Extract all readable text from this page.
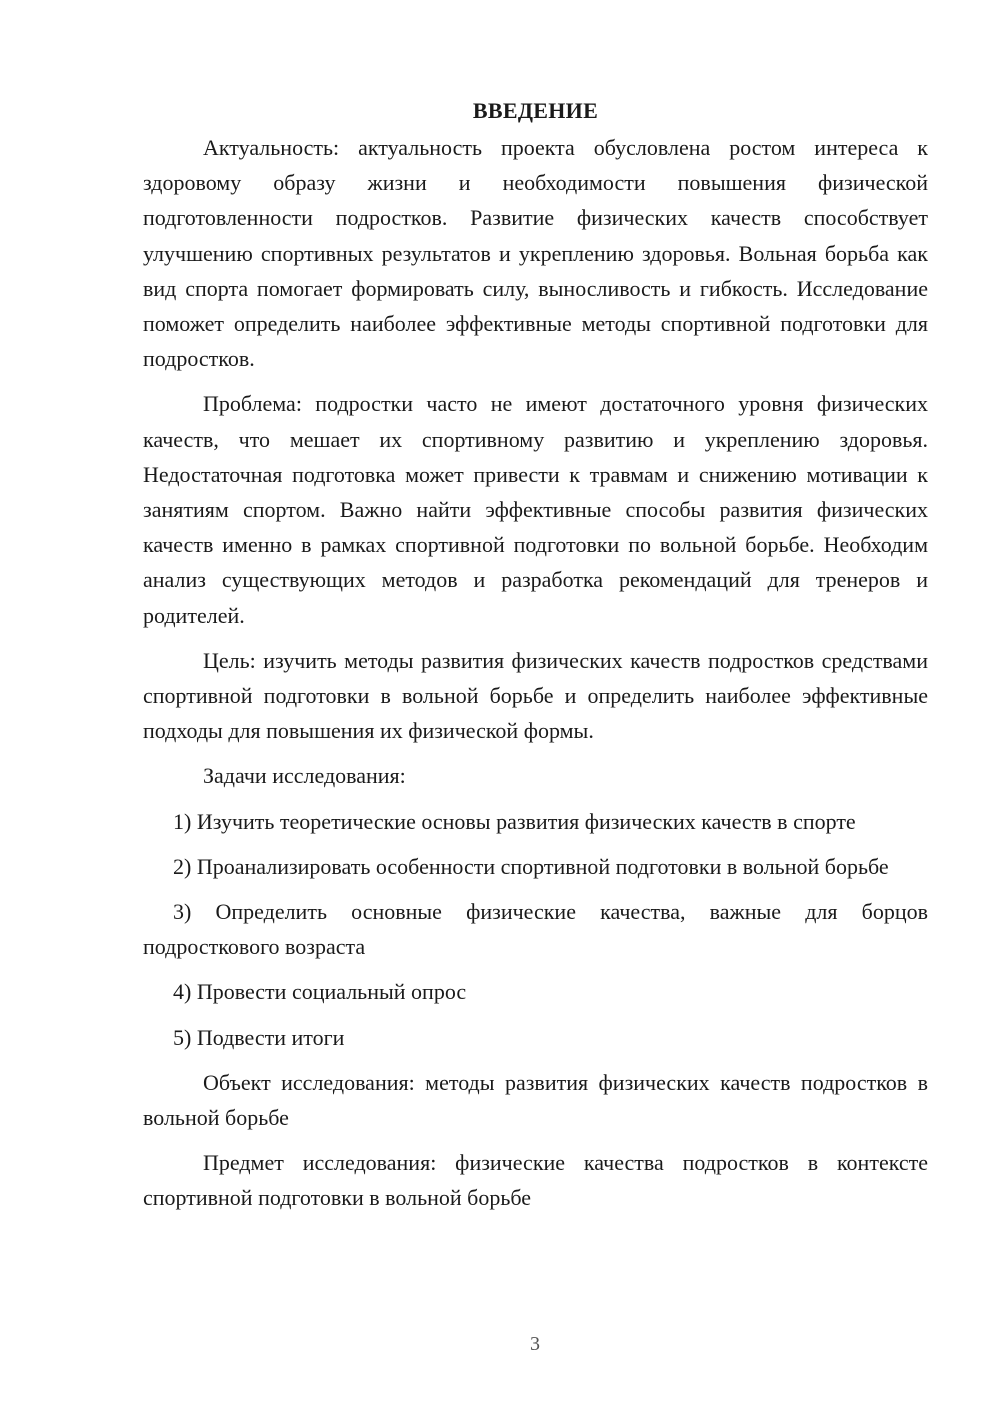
ВВЕДЕНИЕ

Актуальность: актуальность проекта обусловлена ростом интереса к здоровому образу жизни и необходимости повышения физической подготовленности подростков. Развитие физических качеств способствует улучшению спортивных результатов и укреплению здоровья. Вольная борьба как вид спорта помогает формировать силу, выносливость и гибкость. Исследование поможет определить наиболее эффективные методы спортивной подготовки для подростков.

Проблема: подростки часто не имеют достаточного уровня физических качеств, что мешает их спортивному развитию и укреплению здоровья. Недостаточная подготовка может привести к травмам и снижению мотивации к занятиям спортом. Важно найти эффективные способы развития физических качеств именно в рамках спортивной подготовки по вольной борьбе. Необходим анализ существующих методов и разработка рекомендаций для тренеров и родителей.

Цель: изучить методы развития физических качеств подростков средствами спортивной подготовки в вольной борьбе и определить наиболее эффективные подходы для повышения их физической формы.

Задачи исследования:

1) Изучить теоретические основы развития физических качеств в спорте

2) Проанализировать особенности спортивной подготовки в вольной борьбе

3) Определить основные физические качества, важные для борцов подросткового возраста

4) Провести социальный опрос

5) Подвести итоги

Объект исследования: методы развития физических качеств подростков в вольной борьбе

Предмет исследования: физические качества подростков в контексте спортивной подготовки в вольной борьбе

3
